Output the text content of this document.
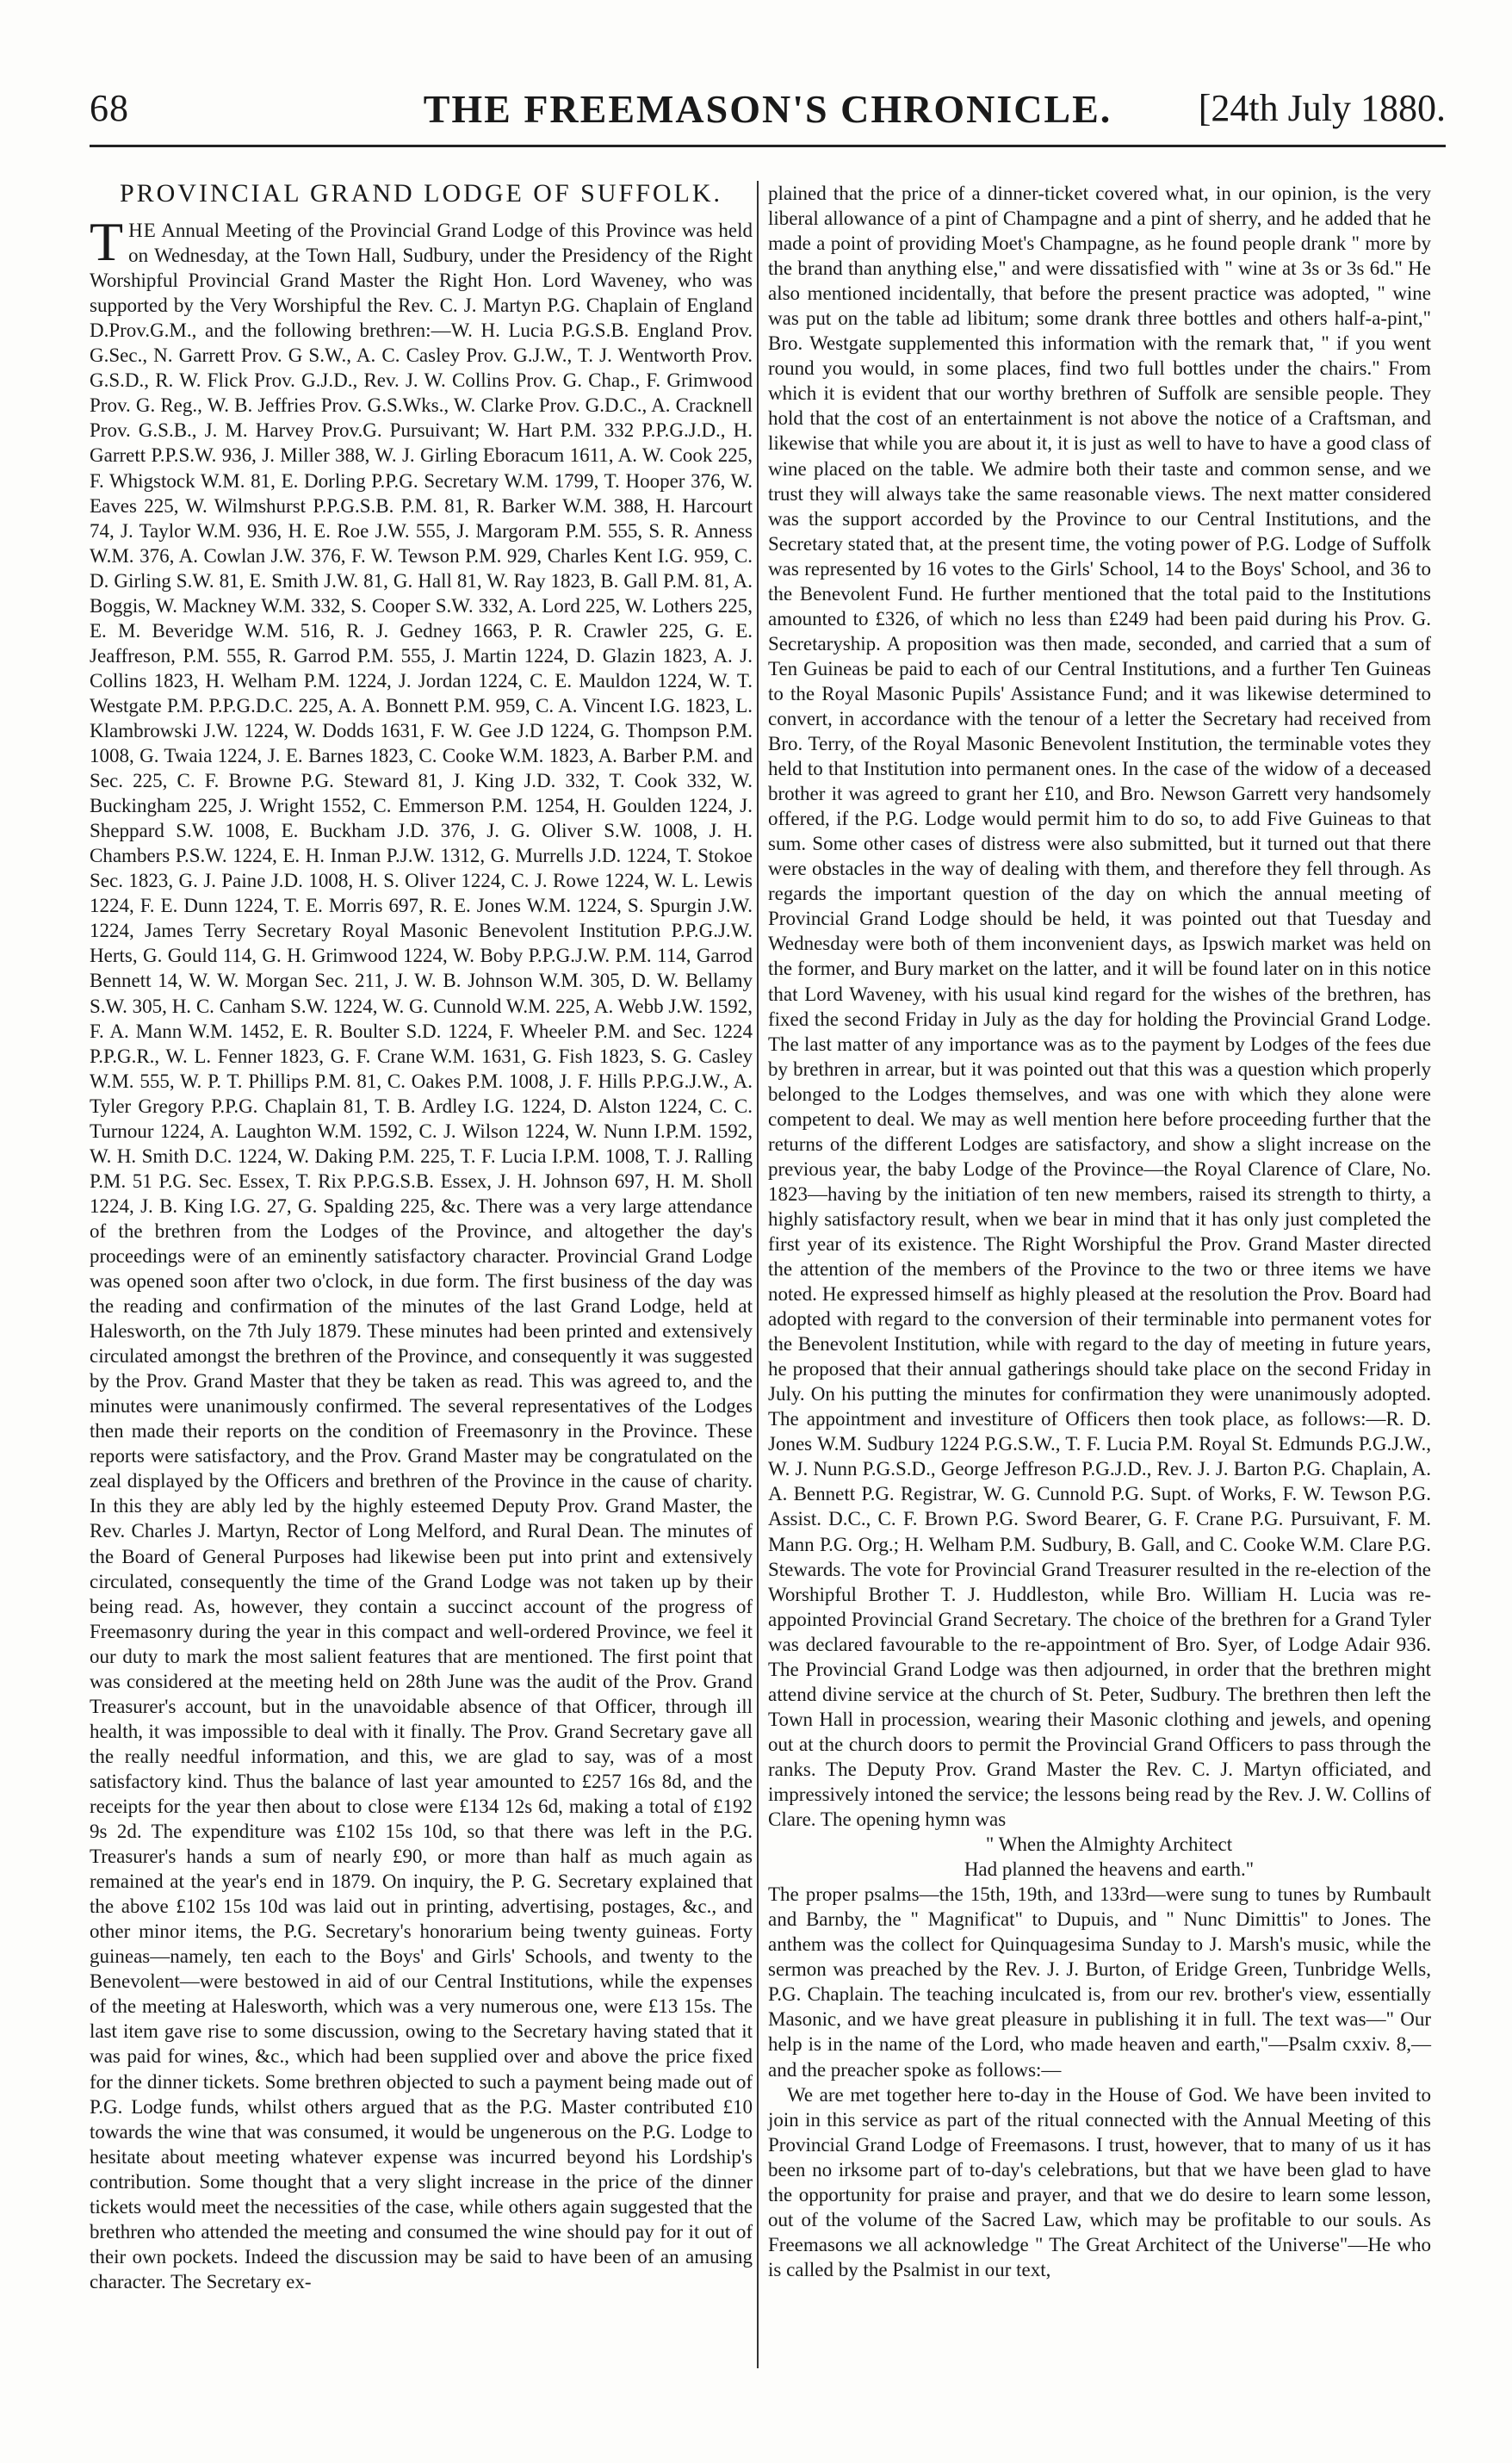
68	THE FREEMASON'S CHRONICLE.	[24th July 1880.
PROVINCIAL GRAND LODGE OF SUFFOLK.

THE Annual Meeting of the Provincial Grand Lodge of this Province was held on Wednesday, at the Town Hall, Sudbury, under the Presidency of the Right Worshipful Provincial Grand Master the Right Hon. Lord Waveney, who was supported by the Very Worshipful the Rev. C. J. Martyn P.G. Chaplain of England D.Prov.G.M., and the following brethren:—W. H. Lucia P.G.S.B. England Prov. G.Sec., N. Garrett Prov. G S.W., A. C. Casley Prov. G.J.W., T. J. Wentworth Prov. G.S.D., R. W. Flick Prov. G.J.D., Rev. J. W. Collins Prov. G. Chap., F. Grimwood Prov. G. Reg., W. B. Jeffries Prov. G.S.Wks., W. Clarke Prov. G.D.C., A. Cracknell Prov. G.S.B., J. M. Harvey Prov.G. Pursuivant; W. Hart P.M. 332 P.P.G.J.D., H. Garrett P.P.S.W. 936, J. Miller 388, W. J. Girling Eboracum 1611, A. W. Cook 225, F. Whigstock W.M. 81, E. Dorling P.P.G. Secretary W.M. 1799, T. Hooper 376, W. Eaves 225, W. Wilmshurst P.P.G.S.B. P.M. 81, R. Barker W.M. 388, H. Harcourt 74, J. Taylor W.M. 936, H. E. Roe J.W. 555, J. Margoram P.M. 555, S. R. Anness W.M. 376, A. Cowlan J.W. 376, F. W. Tewson P.M. 929, Charles Kent I.G. 959, C. D. Girling S.W. 81, E. Smith J.W. 81, G. Hall 81, W. Ray 1823, B. Gall P.M. 81, A. Boggis, W. Mackney W.M. 332, S. Cooper S.W. 332, A. Lord 225, W. Lothers 225, E. M. Beveridge W.M. 516, R. J. Gedney 1663, P. R. Crawler 225, G. E. Jeaffreson, P.M. 555, R. Garrod P.M. 555, J. Martin 1224, D. Glazin 1823, A. J. Collins 1823, H. Welham P.M. 1224, J. Jordan 1224, C. E. Mauldon 1224, W. T. Westgate P.M. P.P.G.D.C. 225, A. A. Bonnett P.M. 959, C. A. Vincent I.G. 1823, L. Klambrowski J.W. 1224, W. Dodds 1631, F. W. Gee J.D 1224, G. Thompson P.M. 1008, G. Twaia 1224, J. E. Barnes 1823, C. Cooke W.M. 1823, A. Barber P.M. and Sec. 225, C. F. Browne P.G. Steward 81, J. King J.D. 332, T. Cook 332, W. Buckingham 225, J. Wright 1552, C. Emmerson P.M. 1254, H. Goulden 1224, J. Sheppard S.W. 1008, E. Buckham J.D. 376, J. G. Oliver S.W. 1008, J. H. Chambers P.S.W. 1224, E. H. Inman P.J.W. 1312, G. Murrells J.D. 1224, T. Stokoe Sec. 1823, G. J. Paine J.D. 1008, H. S. Oliver 1224, C. J. Rowe 1224, W. L. Lewis 1224, F. E. Dunn 1224, T. E. Morris 697, R. E. Jones W.M. 1224, S. Spurgin J.W. 1224, James Terry Secretary Royal Masonic Benevolent Institution P.P.G.J.W. Herts, G. Gould 114, G. H. Grimwood 1224, W. Boby P.P.G.J.W. P.M. 114, Garrod Bennett 14, W. W. Morgan Sec. 211, J. W. B. Johnson W.M. 305, D. W. Bellamy S.W. 305, H. C. Canham S.W. 1224, W. G. Cunnold W.M. 225, A. Webb J.W. 1592, F. A. Mann W.M. 1452, E. R. Boulter S.D. 1224, F. Wheeler P.M. and Sec. 1224 P.P.G.R., W. L. Fenner 1823, G. F. Crane W.M. 1631, G. Fish 1823, S. G. Casley W.M. 555, W. P. T. Phillips P.M. 81, C. Oakes P.M. 1008, J. F. Hills P.P.G.J.W., A. Tyler Gregory P.P.G. Chaplain 81, T. B. Ardley I.G. 1224, D. Alston 1224, C. C. Turnour 1224, A. Laughton W.M. 1592, C. J. Wilson 1224, W. Nunn I.P.M. 1592, W. H. Smith D.C. 1224, W. Daking P.M. 225, T. F. Lucia I.P.M. 1008, T. J. Ralling P.M. 51 P.G. Sec. Essex, T. Rix P.P.G.S.B. Essex, J. H. Johnson 697, H. M. Sholl 1224, J. B. King I.G. 27, G. Spalding 225, &c. There was a very large attendance of the brethren from the Lodges of the Province, and altogether the day's proceedings were of an eminently satisfactory character. Provincial Grand Lodge was opened soon after two o'clock, in due form. The first business of the day was the reading and confirmation of the minutes of the last Grand Lodge, held at Halesworth, on the 7th July 1879. These minutes had been printed and extensively circulated amongst the brethren of the Province, and consequently it was suggested by the Prov. Grand Master that they be taken as read. This was agreed to, and the minutes were unanimously confirmed. The several representatives of the Lodges then made their reports on the condition of Freemasonry in the Province. These reports were satisfactory, and the Prov. Grand Master may be congratulated on the zeal displayed by the Officers and brethren of the Province in the cause of charity. In this they are ably led by the highly esteemed Deputy Prov. Grand Master, the Rev. Charles J. Martyn, Rector of Long Melford, and Rural Dean. The minutes of the Board of General Purposes had likewise been put into print and extensively circulated, consequently the time of the Grand Lodge was not taken up by their being read. As, however, they contain a succinct account of the progress of Freemasonry during the year in this compact and well-ordered Province, we feel it our duty to mark the most salient features that are mentioned. The first point that was considered at the meeting held on 28th June was the audit of the Prov. Grand Treasurer's account, but in the unavoidable absence of that Officer, through ill health, it was impossible to deal with it finally. The Prov. Grand Secretary gave all the really needful information, and this, we are glad to say, was of a most satisfactory kind. Thus the balance of last year amounted to £257 16s 8d, and the receipts for the year then about to close were £134 12s 6d, making a total of £192 9s 2d. The expenditure was £102 15s 10d, so that there was left in the P.G. Treasurer's hands a sum of nearly £90, or more than half as much again as remained at the year's end in 1879. On inquiry, the P. G. Secretary explained that the above £102 15s 10d was laid out in printing, advertising, postages, &c., and other minor items, the P.G. Secretary's honorarium being twenty guineas. Forty guineas—namely, ten each to the Boys' and Girls' Schools, and twenty to the Benevolent—were bestowed in aid of our Central Institutions, while the expenses of the meeting at Halesworth, which was a very numerous one, were £13 15s. The last item gave rise to some discussion, owing to the Secretary having stated that it was paid for wines, &c., which had been supplied over and above the price fixed for the dinner tickets. Some brethren objected to such a payment being made out of P.G. Lodge funds, whilst others argued that as the P.G. Master contributed £10 towards the wine that was consumed, it would be ungenerous on the P.G. Lodge to hesitate about meeting whatever expense was incurred beyond his Lordship's contribution. Some thought that a very slight increase in the price of the dinner tickets would meet the necessities of the case, while others again suggested that the brethren who attended the meeting and consumed the wine should pay for it out of their own pockets. Indeed the discussion may be said to have been of an amusing character. The Secretary ex-

plained that the price of a dinner-ticket covered what, in our opinion, is the very liberal allowance of a pint of Champagne and a pint of sherry, and he added that he made a point of providing Moet's Champagne, as he found people drank " more by the brand than anything else," and were dissatisfied with " wine at 3s or 3s 6d." He also mentioned incidentally, that before the present practice was adopted, " wine was put on the table ad libitum; some drank three bottles and others half-a-pint," Bro. Westgate supplemented this information with the remark that, " if you went round you would, in some places, find two full bottles under the chairs." From which it is evident that our worthy brethren of Suffolk are sensible people. They hold that the cost of an entertainment is not above the notice of a Craftsman, and likewise that while you are about it, it is just as well to have to have a good class of wine placed on the table. We admire both their taste and common sense, and we trust they will always take the same reasonable views. The next matter considered was the support accorded by the Province to our Central Institutions, and the Secretary stated that, at the present time, the voting power of P.G. Lodge of Suffolk was represented by 16 votes to the Girls' School, 14 to the Boys' School, and 36 to the Benevolent Fund. He further mentioned that the total paid to the Institutions amounted to £326, of which no less than £249 had been paid during his Prov. G. Secretaryship. A proposition was then made, seconded, and carried that a sum of Ten Guineas be paid to each of our Central Institutions, and a further Ten Guineas to the Royal Masonic Pupils' Assistance Fund; and it was likewise determined to convert, in accordance with the tenour of a letter the Secretary had received from Bro. Terry, of the Royal Masonic Benevolent Institution, the terminable votes they held to that Institution into permanent ones. In the case of the widow of a deceased brother it was agreed to grant her £10, and Bro. Newson Garrett very handsomely offered, if the P.G. Lodge would permit him to do so, to add Five Guineas to that sum. Some other cases of distress were also submitted, but it turned out that there were obstacles in the way of dealing with them, and therefore they fell through. As regards the important question of the day on which the annual meeting of Provincial Grand Lodge should be held, it was pointed out that Tuesday and Wednesday were both of them inconvenient days, as Ipswich market was held on the former, and Bury market on the latter, and it will be found later on in this notice that Lord Waveney, with his usual kind regard for the wishes of the brethren, has fixed the second Friday in July as the day for holding the Provincial Grand Lodge. The last matter of any importance was as to the payment by Lodges of the fees due by brethren in arrear, but it was pointed out that this was a question which properly belonged to the Lodges themselves, and was one with which they alone were competent to deal. We may as well mention here before proceeding further that the returns of the different Lodges are satisfactory, and show a slight increase on the previous year, the baby Lodge of the Province—the Royal Clarence of Clare, No. 1823—having by the initiation of ten new members, raised its strength to thirty, a highly satisfactory result, when we bear in mind that it has only just completed the first year of its existence. The Right Worshipful the Prov. Grand Master directed the attention of the members of the Province to the two or three items we have noted. He expressed himself as highly pleased at the resolution the Prov. Board had adopted with regard to the conversion of their terminable into permanent votes for the Benevolent Institution, while with regard to the day of meeting in future years, he proposed that their annual gatherings should take place on the second Friday in July. On his putting the minutes for confirmation they were unanimously adopted. The appointment and investiture of Officers then took place, as follows:—R. D. Jones W.M. Sudbury 1224 P.G.S.W., T. F. Lucia P.M. Royal St. Edmunds P.G.J.W., W. J. Nunn P.G.S.D., George Jeffreson P.G.J.D., Rev. J. J. Barton P.G. Chaplain, A. A. Bennett P.G. Registrar, W. G. Cunnold P.G. Supt. of Works, F. W. Tewson P.G. Assist. D.C., C. F. Brown P.G. Sword Bearer, G. F. Crane P.G. Pursuivant, F. M. Mann P.G. Org.; H. Welham P.M. Sudbury, B. Gall, and C. Cooke W.M. Clare P.G. Stewards. The vote for Provincial Grand Treasurer resulted in the re-election of the Worshipful Brother T. J. Huddleston, while Bro. William H. Lucia was re-appointed Provincial Grand Secretary. The choice of the brethren for a Grand Tyler was declared favourable to the re-appointment of Bro. Syer, of Lodge Adair 936. The Provincial Grand Lodge was then adjourned, in order that the brethren might attend divine service at the church of St. Peter, Sudbury. The brethren then left the Town Hall in procession, wearing their Masonic clothing and jewels, and opening out at the church doors to permit the Provincial Grand Officers to pass through the ranks. The Deputy Prov. Grand Master the Rev. C. J. Martyn officiated, and impressively intoned the service; the lessons being read by the Rev. J. W. Collins of Clare. The opening hymn was

" When the Almighty Architect
Had planned the heavens and earth."

The proper psalms—the 15th, 19th, and 133rd—were sung to tunes by Rumbault and Barnby, the " Magnificat" to Dupuis, and " Nunc Dimittis" to Jones. The anthem was the collect for Quinquagesima Sunday to J. Marsh's music, while the sermon was preached by the Rev. J. J. Burton, of Eridge Green, Tunbridge Wells, P.G. Chaplain. The teaching inculcated is, from our rev. brother's view, essentially Masonic, and we have great pleasure in publishing it in full. The text was—" Our help is in the name of the Lord, who made heaven and earth,"—Psalm cxxiv. 8,—and the preacher spoke as follows:—

We are met together here to-day in the House of God. We have been invited to join in this service as part of the ritual connected with the Annual Meeting of this Provincial Grand Lodge of Freemasons. I trust, however, that to many of us it has been no irksome part of to-day's celebrations, but that we have been glad to have the opportunity for praise and prayer, and that we do desire to learn some lesson, out of the volume of the Sacred Law, which may be profitable to our souls. As Freemasons we all acknowledge " The Great Architect of the Universe"—He who is called by the Psalmist in our text,
